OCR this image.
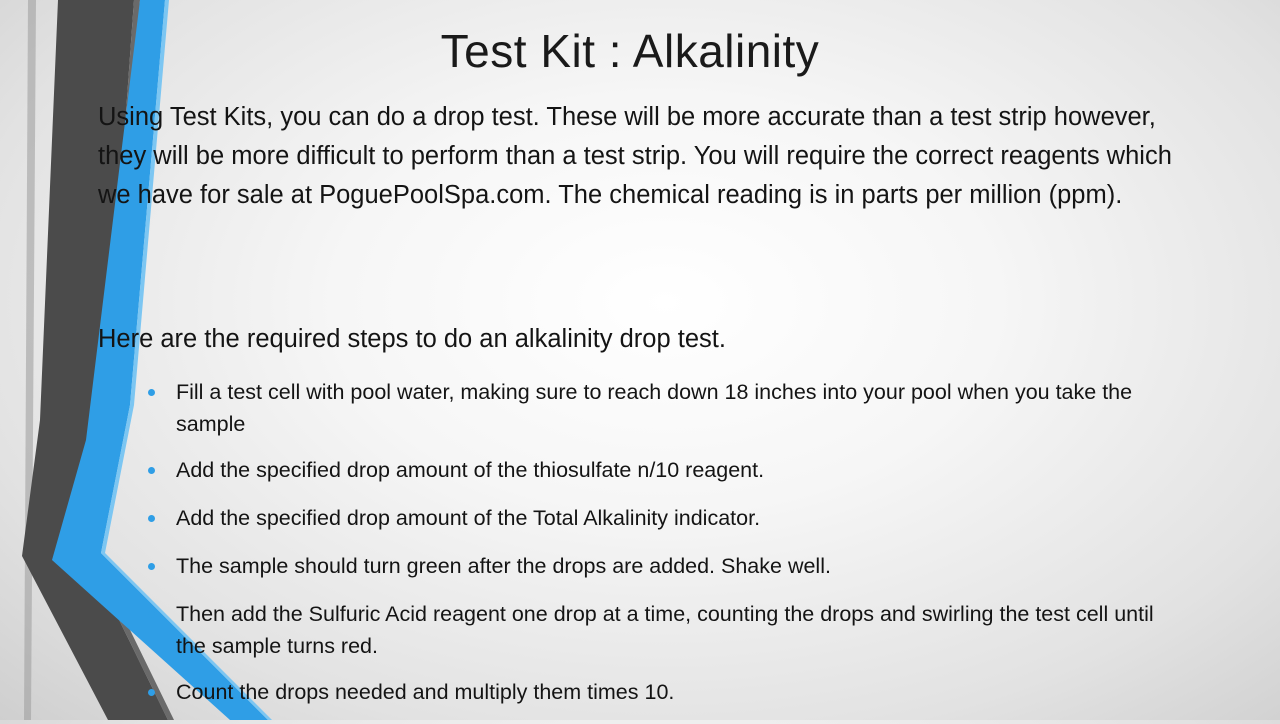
Test Kit : Alkalinity

Using Test Kits, you can do a drop test. These will be more accurate than a test strip however, they will be more difficult to perform than a test strip. You will require the correct reagents which we have for sale at PoguePoolSpa.com. The chemical reading is in parts per million (ppm).

Here are the required steps to do an alkalinity drop test.

Fill a test cell with pool water, making sure to reach down 18 inches into your pool when you take the sample
Add the specified drop amount of the thiosulfate n/10 reagent.
Add the specified drop amount of the Total Alkalinity indicator.
The sample should turn green after the drops are added. Shake well.
Then add the Sulfuric Acid reagent one drop at a time, counting the drops and swirling the test cell until the sample turns red.
Count the drops needed and multiply them times 10.
